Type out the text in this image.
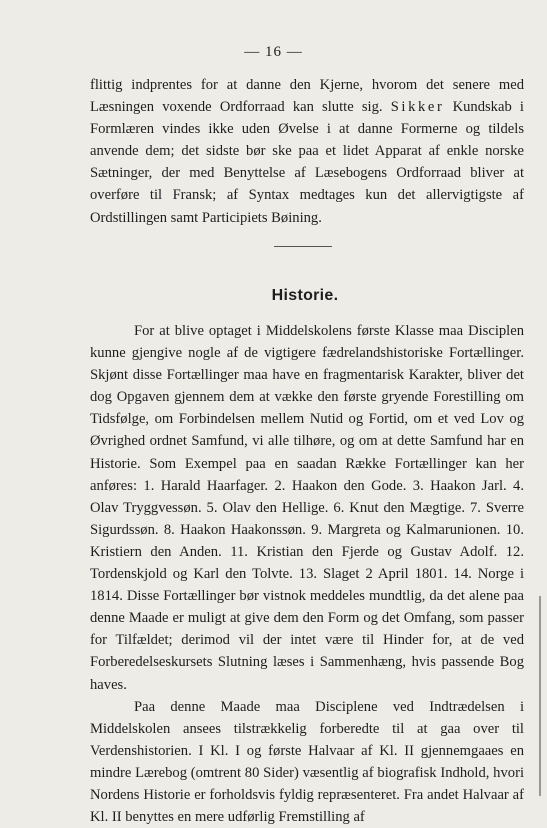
— 16 —

flittig indprentes for at danne den Kjerne, hvorom det senere med Læsningen voxende Ordforraad kan slutte sig. Sikker Kundskab i Formlæren vindes ikke uden Øvelse i at danne Formerne og tildels anvende dem; det sidste bør ske paa et lidet Apparat af enkle norske Sætninger, der med Benyttelse af Læsebogens Ordforraad bliver at overføre til Fransk; af Syntax medtages kun det allervigtigste af Ordstillingen samt Participiets Bøining.

Historie.

For at blive optaget i Middelskolens første Klasse maa Disciplen kunne gjengive nogle af de vigtigere fædrelandshistoriske Fortællinger. Skjønt disse Fortællinger maa have en fragmentarisk Karakter, bliver det dog Opgaven gjennem dem at vække den første gryende Forestilling om Tidsfølge, om Forbindelsen mellem Nutid og Fortid, om et ved Lov og Øvrighed ordnet Samfund, vi alle tilhøre, og om at dette Samfund har en Historie. Som Exempel paa en saadan Række Fortællinger kan her anføres: 1. Harald Haarfager. 2. Haakon den Gode. 3. Haakon Jarl. 4. Olav Tryggvessøn. 5. Olav den Hellige. 6. Knut den Mægtige. 7. Sverre Sigurdssøn. 8. Haakon Haakonssøn. 9. Margreta og Kalmarunionen. 10. Kristiern den Anden. 11. Kristian den Fjerde og Gustav Adolf. 12. Tordenskjold og Karl den Tolvte. 13. Slaget 2 April 1801. 14. Norge i 1814. Disse Fortællinger bør vistnok meddeles mundtlig, da det alene paa denne Maade er muligt at give dem den Form og det Omfang, som passer for Tilfældet; derimod vil der intet være til Hinder for, at de ved Forberedelseskursets Slutning læses i Sammenhæng, hvis passende Bog haves.

Paa denne Maade maa Disciplene ved Indtrædelsen i Middelskolen ansees tilstrækkelig forberedte til at gaa over til Verdenshistorien. I Kl. I og første Halvaar af Kl. II gjennemgaaes en mindre Lærebog (omtrent 80 Sider) væsentlig af biografisk Indhold, hvori Nordens Historie er forholdsvis fyldig repræsenteret. Fra andet Halvaar af Kl. II benyttes en mere udførlig Fremstilling af
